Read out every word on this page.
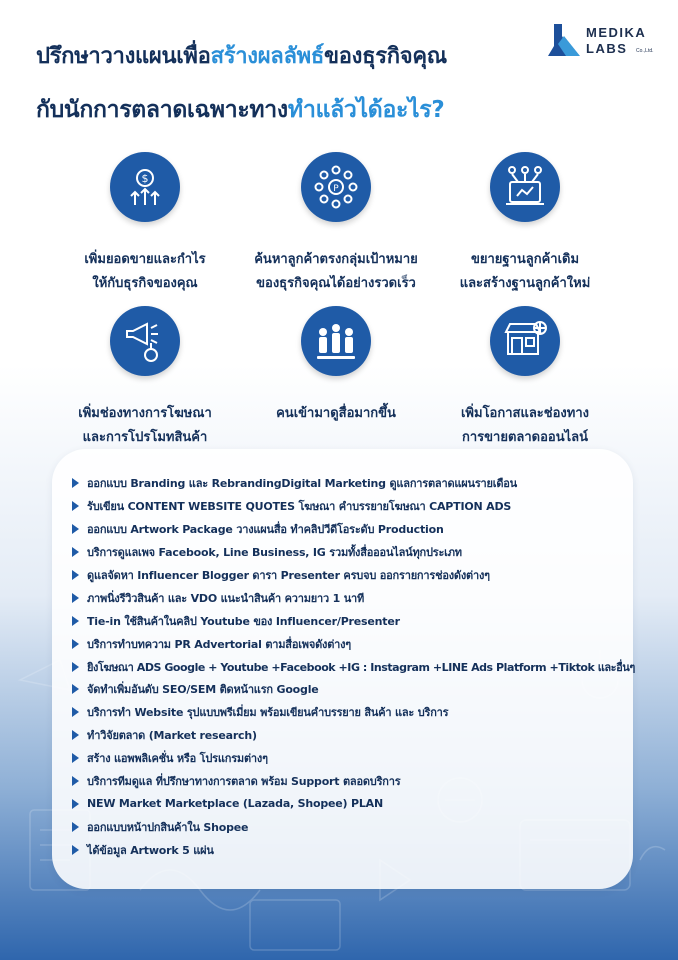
MEDIKA
LABS Co.,Ltd.
ปรึกษาวางแผนเพื่อสร้างผลลัพธ์ของธุรกิจคุณ
กับนักการตลาดเฉพาะทางทำแล้วได้อะไร?
$
เพิ่มยอดขายและกำไร
ให้กับธุรกิจของคุณ
P
ค้นหาลูกค้าตรงกลุ่มเป้าหมาย
ของธุรกิจคุณได้อย่างรวดเร็ว
ขยายฐานลูกค้าเดิม
และสร้างฐานลูกค้าใหม่
เพิ่มช่องทางการโฆษณา
และการโปรโมทสินค้า
คนเข้ามาดูสื่อมากขึ้น	เพิ่มโอกาสและช่องทาง
การขายตลาดออนไลน์
ออกแบบ Branding และ RebrandingDigital Marketing ดูแลการตลาดแผนรายเดือน
รับเขียน CONTENT WEBSITE QUOTES โฆษณา คำบรรยายโฆษณา CAPTION ADS
ออกแบบ Artwork Package วางแผนสื่อ ทำคลิปวีดีโอระดับ Production
บริการดูแลเพจ Facebook, Line Business, IG รวมทั้งสื่อออนไลน์ทุกประเภท
ดูแลจัดหา Influencer Blogger ดารา Presenter ครบจบ ออกรายการช่องดังต่างๆ
ภาพนิ่งรีวิวสินค้า และ VDO แนะนำสินค้า ความยาว 1 นาที
Tie-in ใช้สินค้าในคลิป Youtube ของ Influencer/Presenter
บริการทำบทความ PR Advertorial ตามสื่อเพจดังต่างๆ
ยิงโฆษณา ADS Google + Youtube +Facebook +IG : Instagram +LINE Ads Platform +Tiktok และอื่นๆ
จัดทำเพิ่มอันดับ SEO/SEM ติดหน้าแรก Google
บริการทำ Website รุปแบบพรีเมี่ยม พร้อมเขียนคำบรรยาย สินค้า และ บริการ
ทำวิจัยตลาด (Market research)
สร้าง แอพพลิเคชั่น หรือ โปรแกรมต่างๆ
บริการทีมดูแล ที่ปรึกษาทางการตลาด พร้อม Support ตลอดบริการ
NEW Market Marketplace (Lazada, Shopee) PLAN
ออกแบบหน้าปกสินค้าใน Shopee
ได้ข้อมูล Artwork 5 แผ่น
